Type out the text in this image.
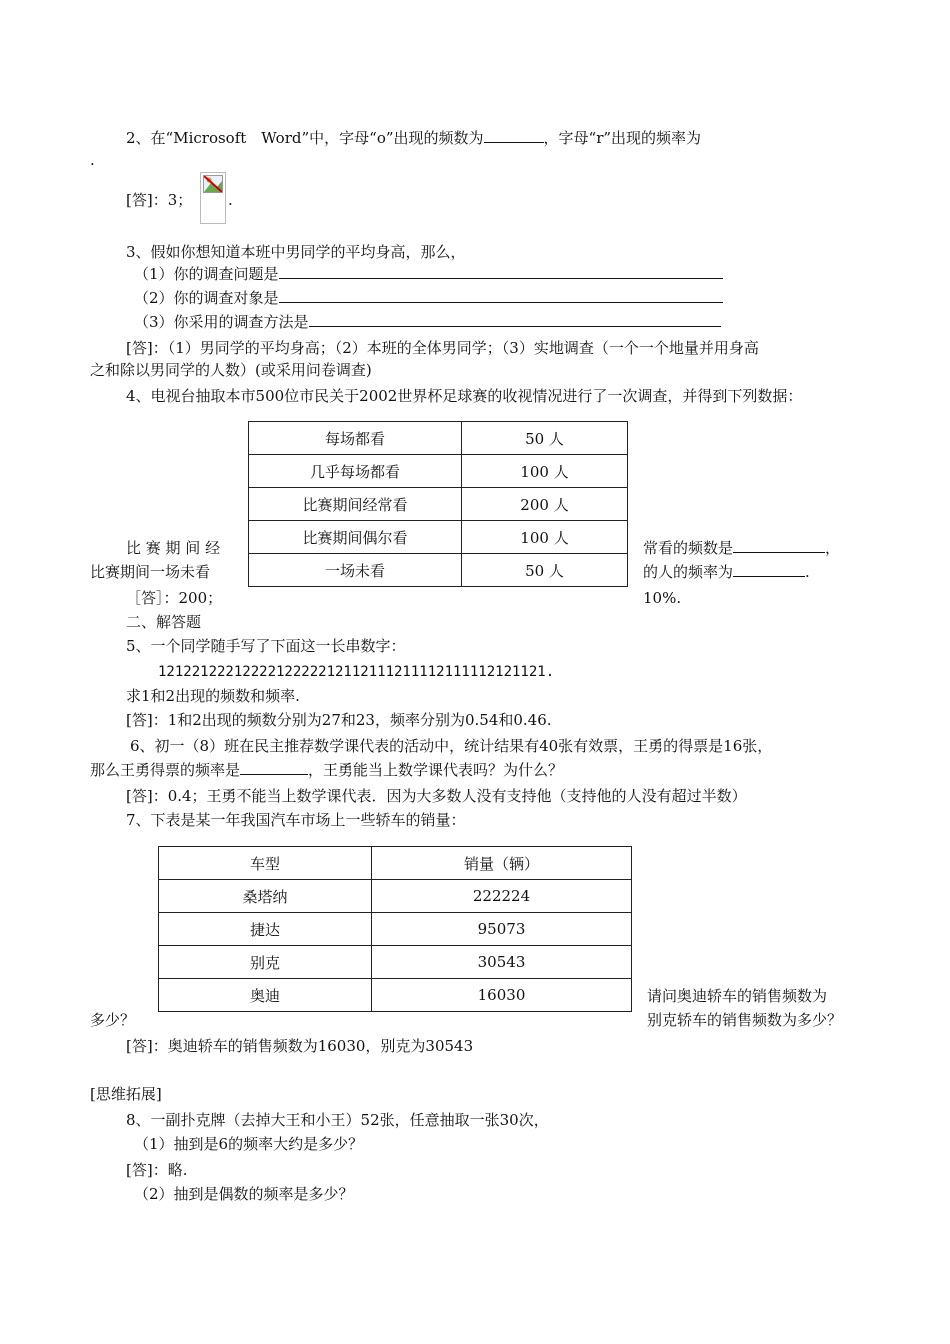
2、在“Microsoft　Word”中，字母“o”出现的频数为	，字母“r”出现的频率为
.
[答]：3； .
3、假如你想知道本班中男同学的平均身高，那么，
（1）你的调查问题是
（2）你的调查对象是
（3）你采用的调查方法是
[答]：（1）男同学的平均身高；（2）本班的全体男同学；（3）实地调查（一个一个地量并用身高
之和除以男同学的人数）(或采用问卷调查)
4、电视台抽取本市500位市民关于2002世界杯足球赛的收视情况进行了一次调查，并得到下列数据：
每场都看	50 人
几乎每场都看	100 人
比赛期间经常看	200 人
比赛期间偶尔看	100 人
一场未看	50 人
比 赛 期 间 经
比赛期间一场未看
［答］：200；
常看的频数是	，
的人的频率为	.
10%.
二、解答题
5、一个同学随手写了下面这一长串数字：
1212212221222212222212112111211112111112121121.
求1和2出现的频数和频率.
[答]：1和2出现的频数分别为27和23，频率分别为0.54和0.46.
6、初一（8）班在民主推荐数学课代表的活动中，统计结果有40张有效票，王勇的得票是16张，
那么王勇得票的频率是	，王勇能当上数学课代表吗？为什么？
[答]：0.4；王勇不能当上数学课代表．因为大多数人没有支持他（支持他的人没有超过半数）
7、下表是某一年我国汽车市场上一些轿车的销量：
车型	销量（辆）
桑塔纳	222224
捷达	95073
别克	30543
奥迪	16030	请问奥迪轿车的销售频数为
别克轿车的销售频数为多少？
多少？
[答]：奥迪轿车的销售频数为16030，别克为30543
[思维拓展]
8、一副扑克牌（去掉大王和小王）52张，任意抽取一张30次，
（1）抽到是6的频率大约是多少？
[答]：略.
（2）抽到是偶数的频率是多少？
